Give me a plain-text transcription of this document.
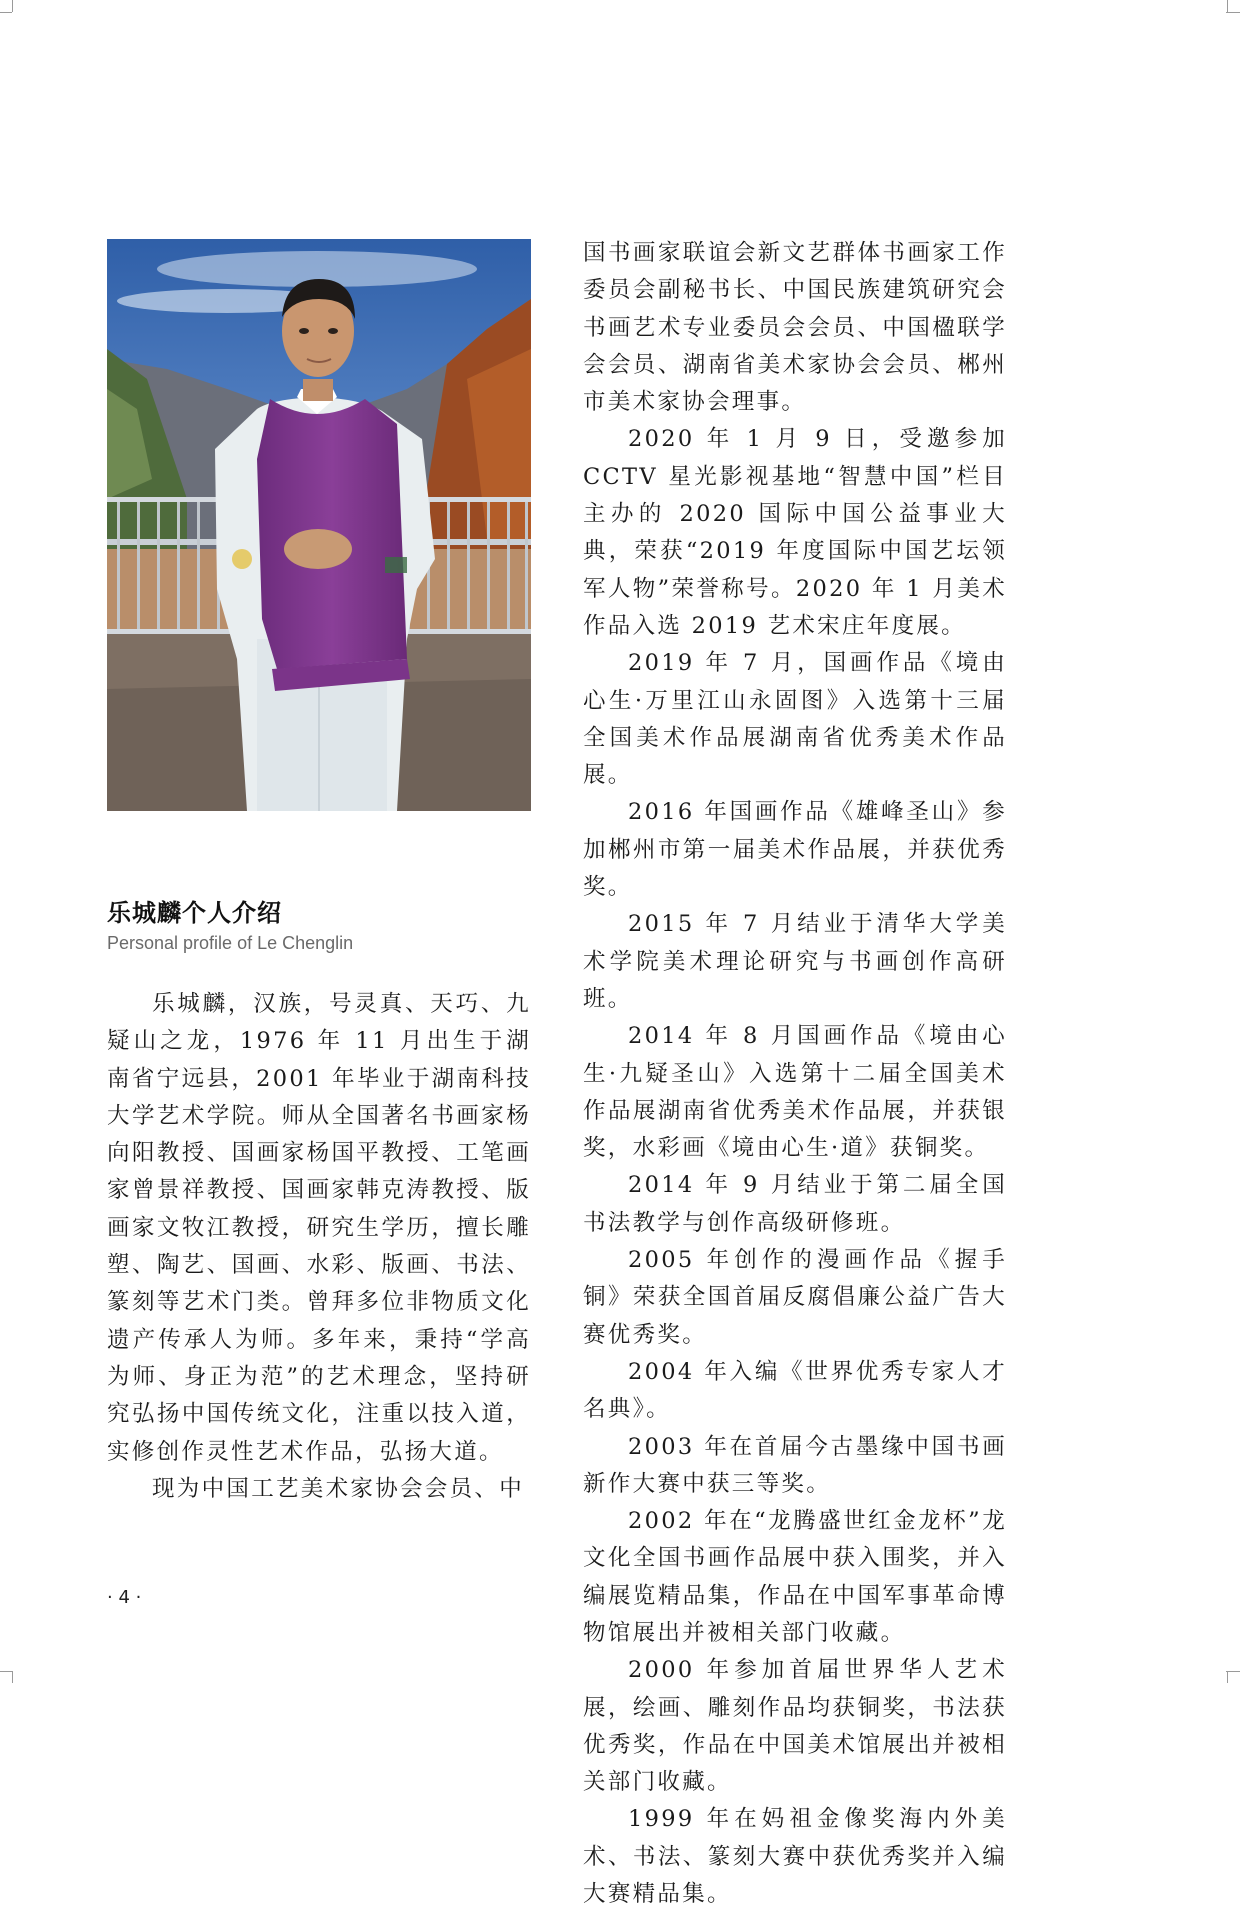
乐城麟个人介绍
Personal profile of Le Chenglin

乐城麟，汉族，号灵真、天巧、九疑山之龙，1976 年 11 月出生于湖南省宁远县，2001 年毕业于湖南科技大学艺术学院。师从全国著名书画家杨向阳教授、国画家杨国平教授、工笔画家曾景祥教授、国画家韩克涛教授、版画家文牧江教授，研究生学历，擅长雕塑、陶艺、国画、水彩、版画、书法、篆刻等艺术门类。曾拜多位非物质文化遗产传承人为师。多年来，秉持“学高为师、身正为范”的艺术理念，坚持研究弘扬中国传统文化，注重以技入道，实修创作灵性艺术作品，弘扬大道。

现为中国工艺美术家协会会员、中

国书画家联谊会新文艺群体书画家工作委员会副秘书长、中国民族建筑研究会书画艺术专业委员会会员、中国楹联学会会员、湖南省美术家协会会员、郴州市美术家协会理事。

2020 年 1 月 9 日，受邀参加 CCTV 星光影视基地“智慧中国”栏目主办的 2020 国际中国公益事业大典，荣获“2019 年度国际中国艺坛领军人物”荣誉称号。2020 年 1 月美术作品入选 2019 艺术宋庄年度展。

2019 年 7 月，国画作品《境由心生·万里江山永固图》入选第十三届全国美术作品展湖南省优秀美术作品展。

2016 年国画作品《雄峰圣山》参加郴州市第一届美术作品展，并获优秀奖。

2015 年 7 月结业于清华大学美术学院美术理论研究与书画创作高研班。

2014 年 8 月国画作品《境由心生·九疑圣山》入选第十二届全国美术作品展湖南省优秀美术作品展，并获银奖，水彩画《境由心生·道》获铜奖。

2014 年 9 月结业于第二届全国书法教学与创作高级研修班。

2005 年创作的漫画作品《握手铜》荣获全国首届反腐倡廉公益广告大赛优秀奖。

2004 年入编《世界优秀专家人才名典》。

2003 年在首届今古墨缘中国书画新作大赛中获三等奖。

2002 年在“龙腾盛世红金龙杯”龙文化全国书画作品展中获入围奖，并入编展览精品集，作品在中国军事革命博物馆展出并被相关部门收藏。

2000 年参加首届世界华人艺术展，绘画、雕刻作品均获铜奖，书法获优秀奖，作品在中国美术馆展出并被相关部门收藏。

1999 年在妈祖金像奖海内外美术、书法、篆刻大赛中获优秀奖并入编大赛精品集。

· 4 ·
